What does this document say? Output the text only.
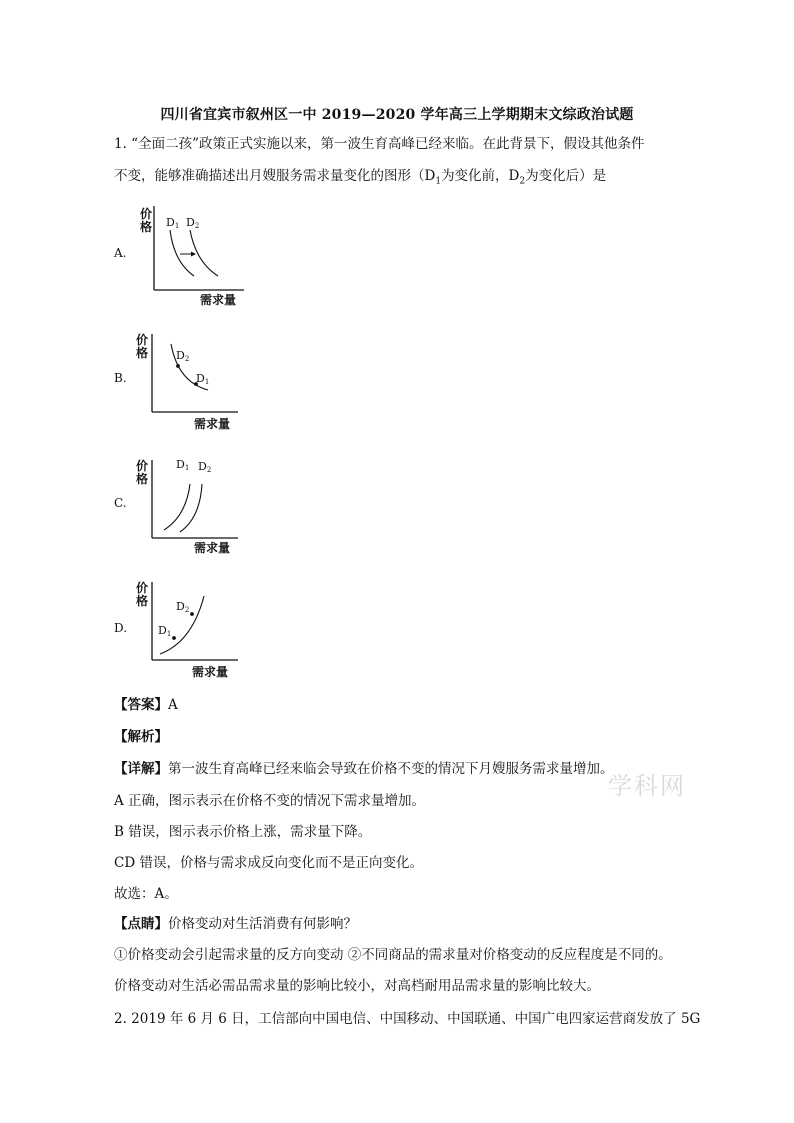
四川省宜宾市叙州区一中 2019—2020 学年高三上学期期末文综政治试题
1. “全面二孩”政策正式实施以来，第一波生育高峰已经来临。在此背景下，假设其他条件
不变，能够准确描述出月嫂服务需求量变化的图形（$D_1$为变化前，$D_2$为变化后）是
A.
价
格 D1 D2
需求量
B.
价
格	D2
D1
需求量
C.
价
格
D1 D2
需求量
D.
价
格	D2
D1
需求量
【答案】A
【解析】
【详解】第一波生育高峰已经来临会导致在价格不变的情况下月嫂服务需求量增加。
学科网
A 正确，图示表示在价格不变的情况下需求量增加。
B 错误，图示表示价格上涨，需求量下降。
CD 错误，价格与需求成反向变化而不是正向变化。
故选：A。
【点睛】价格变动对生活消费有何影响？
①价格变动会引起需求量的反方向变动 ②不同商品的需求量对价格变动的反应程度是不同的。
价格变动对生活必需品需求量的影响比较小，对高档耐用品需求量的影响比较大。
2. 2019 年 6 月 6 日，工信部向中国电信、中国移动、中国联通、中国广电四家运营商发放了 5G
